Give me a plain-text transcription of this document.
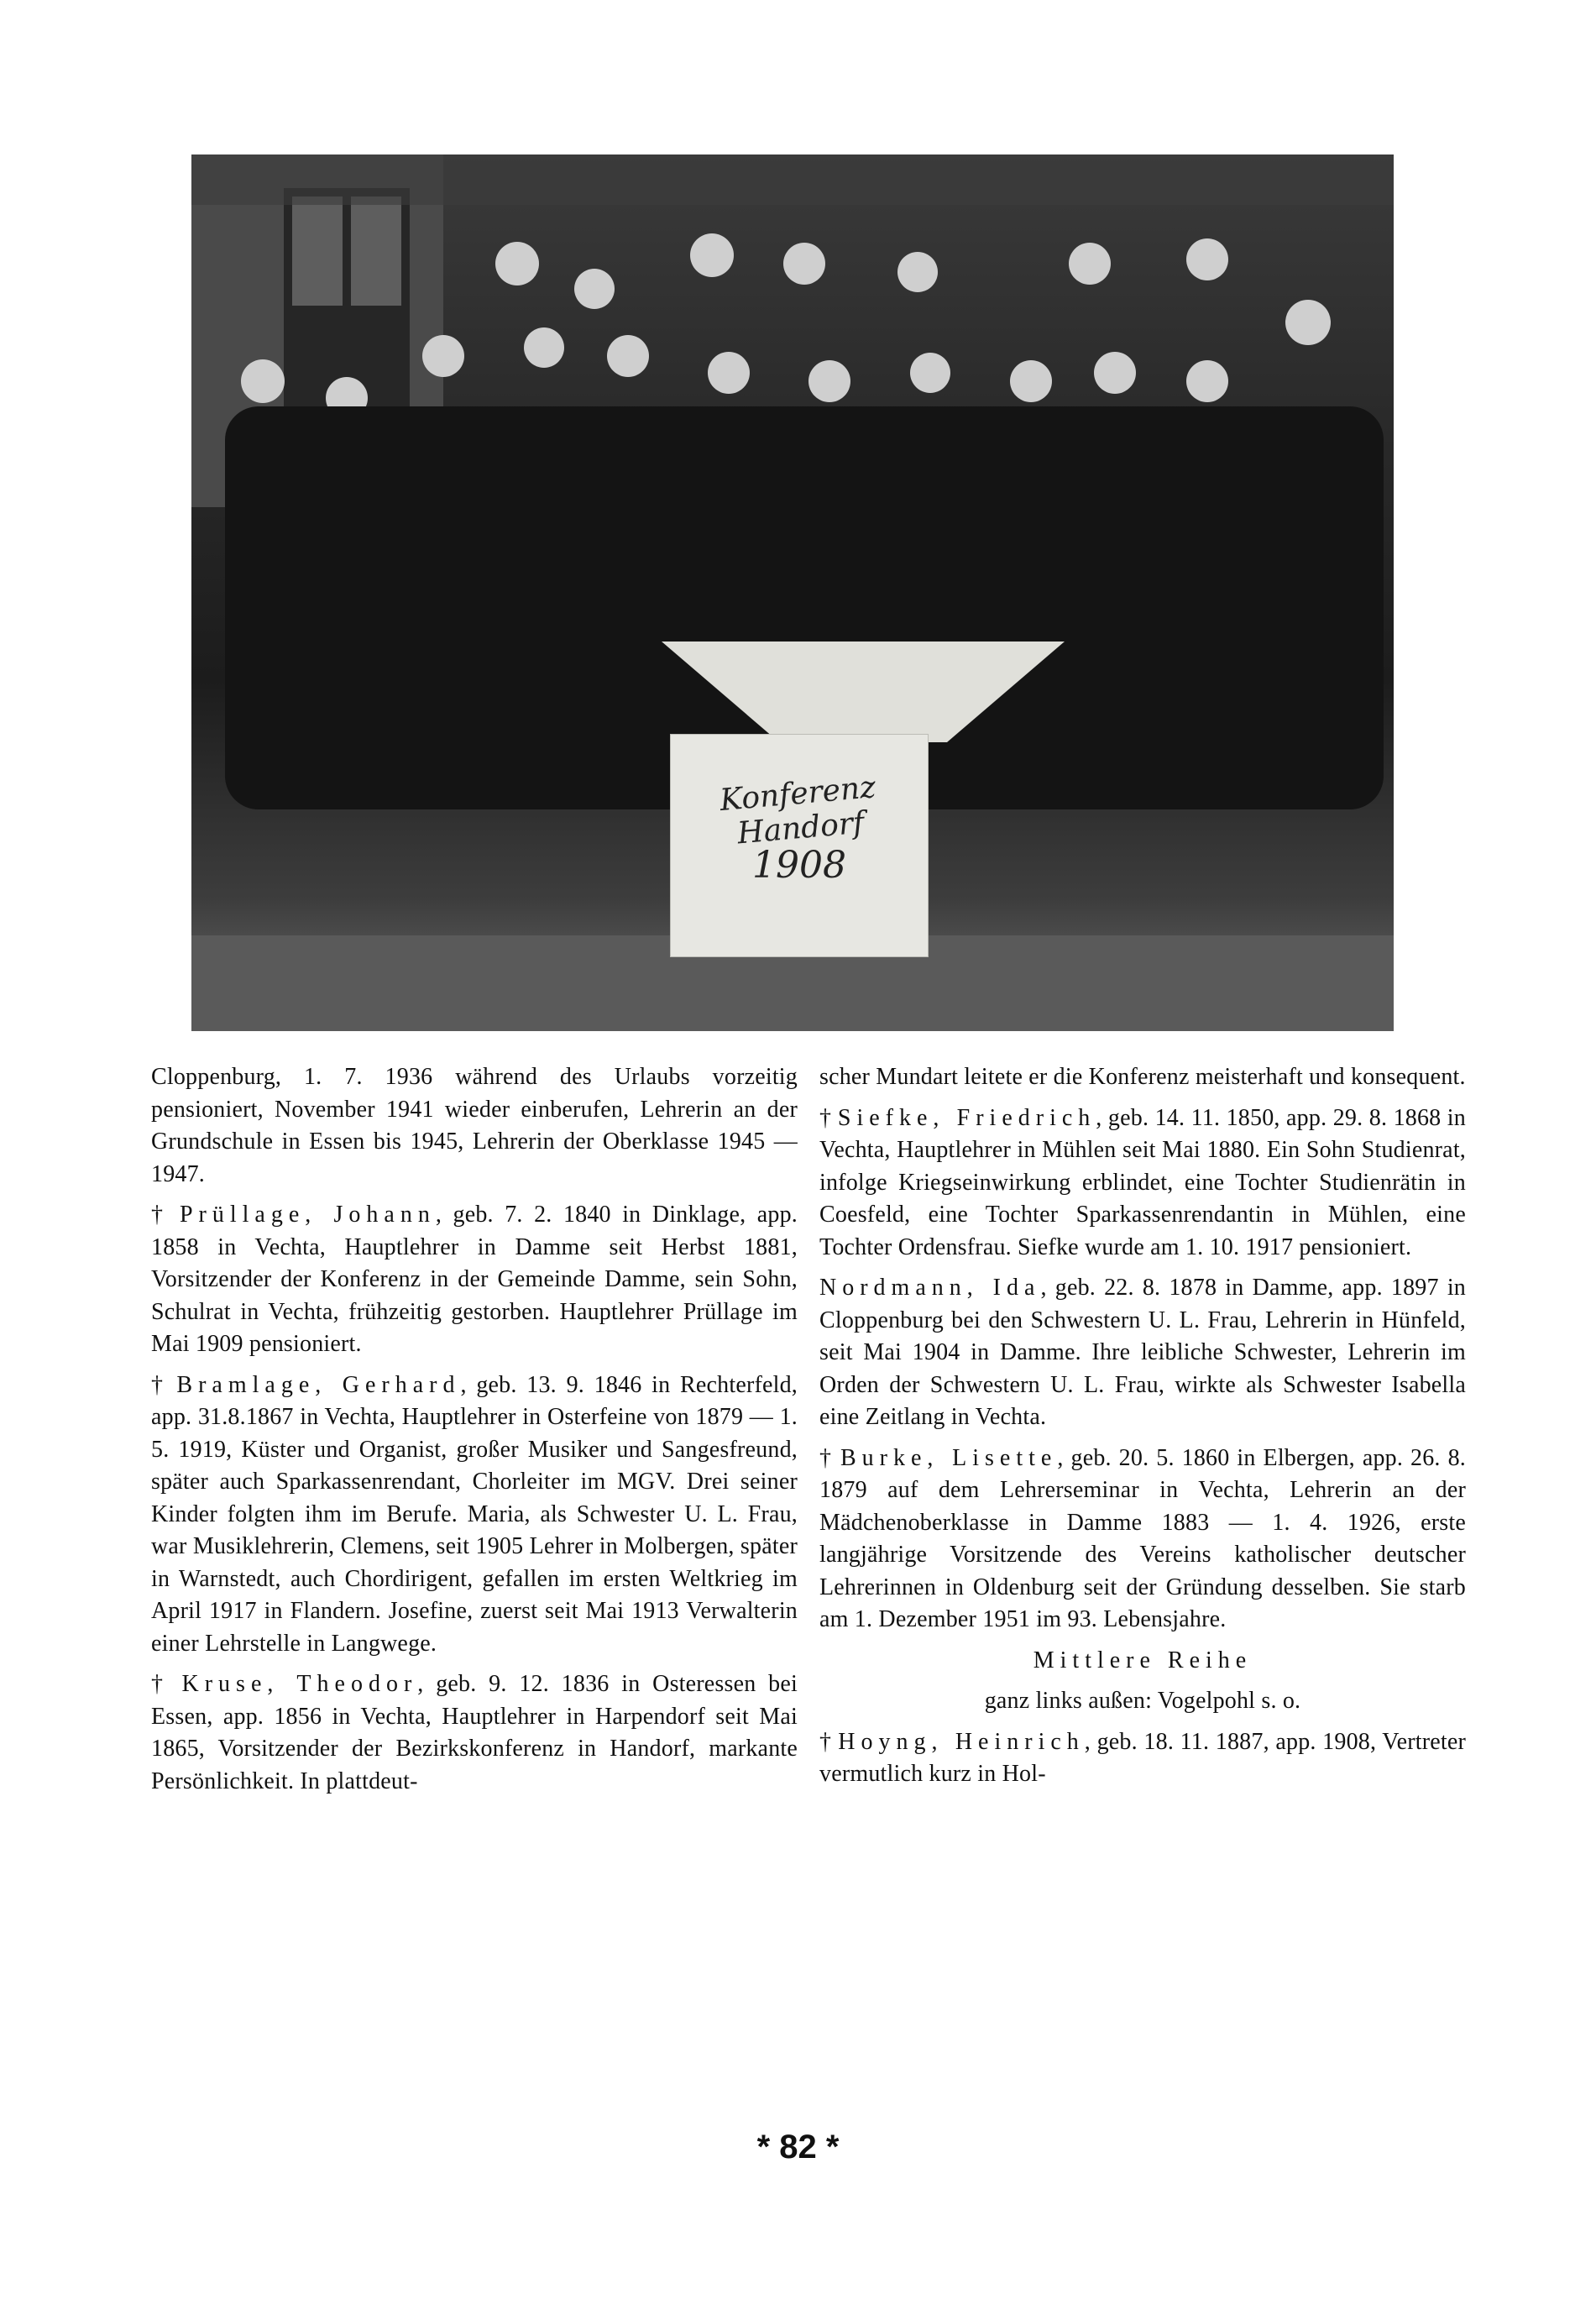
Konferenz Handorf
1908

Cloppenburg, 1. 7. 1936 während des Urlaubs vorzeitig pensioniert, November 1941 wieder einberufen, Lehrerin an der Grundschule in Essen bis 1945, Lehrerin der Oberklasse 1945 — 1947.

† Prüllage, Johann, geb. 7. 2. 1840 in Dinklage, app. 1858 in Vechta, Hauptlehrer in Damme seit Herbst 1881, Vorsitzender der Konferenz in der Gemeinde Damme, sein Sohn, Schulrat in Vechta, frühzeitig gestorben. Hauptlehrer Prüllage im Mai 1909 pensioniert.

† Bramlage, Gerhard, geb. 13. 9. 1846 in Rechterfeld, app. 31.8.1867 in Vechta, Hauptlehrer in Osterfeine von 1879 — 1. 5. 1919, Küster und Organist, großer Musiker und Sangesfreund, später auch Sparkassenrendant, Chorleiter im MGV. Drei seiner Kinder folgten ihm im Berufe. Maria, als Schwester U. L. Frau, war Musiklehrerin, Clemens, seit 1905 Lehrer in Molbergen, später in Warnstedt, auch Chordirigent, gefallen im ersten Weltkrieg im April 1917 in Flandern. Josefine, zuerst seit Mai 1913 Verwalterin einer Lehrstelle in Langwege.

† Kruse, Theodor, geb. 9. 12. 1836 in Osteressen bei Essen, app. 1856 in Vechta, Hauptlehrer in Harpendorf seit Mai 1865, Vorsitzender der Bezirkskonferenz in Handorf, markante Persönlichkeit. In plattdeut-

scher Mundart leitete er die Konferenz meisterhaft und konsequent.

† Siefke, Friedrich, geb. 14. 11. 1850, app. 29. 8. 1868 in Vechta, Hauptlehrer in Mühlen seit Mai 1880. Ein Sohn Studienrat, infolge Kriegseinwirkung erblindet, eine Tochter Studienrätin in Coesfeld, eine Tochter Sparkassenrendantin in Mühlen, eine Tochter Ordensfrau. Siefke wurde am 1. 10. 1917 pensioniert.

Nordmann, Ida, geb. 22. 8. 1878 in Damme, app. 1897 in Cloppenburg bei den Schwestern U. L. Frau, Lehrerin in Hünfeld, seit Mai 1904 in Damme. Ihre leibliche Schwester, Lehrerin im Orden der Schwestern U. L. Frau, wirkte als Schwester Isabella eine Zeitlang in Vechta.

† Burke, Lisette, geb. 20. 5. 1860 in Elbergen, app. 26. 8. 1879 auf dem Lehrerseminar in Vechta, Lehrerin an der Mädchenoberklasse in Damme 1883 — 1. 4. 1926, erste langjährige Vorsitzende des Vereins katholischer deutscher Lehrerinnen in Oldenburg seit der Gründung desselben. Sie starb am 1. Dezember 1951 im 93. Lebensjahre.

Mittlere Reihe

ganz links außen: Vogelpohl s. o.

† Hoyng, Heinrich, geb. 18. 11. 1887, app. 1908, Vertreter vermutlich kurz in Hol-

* 82 *
